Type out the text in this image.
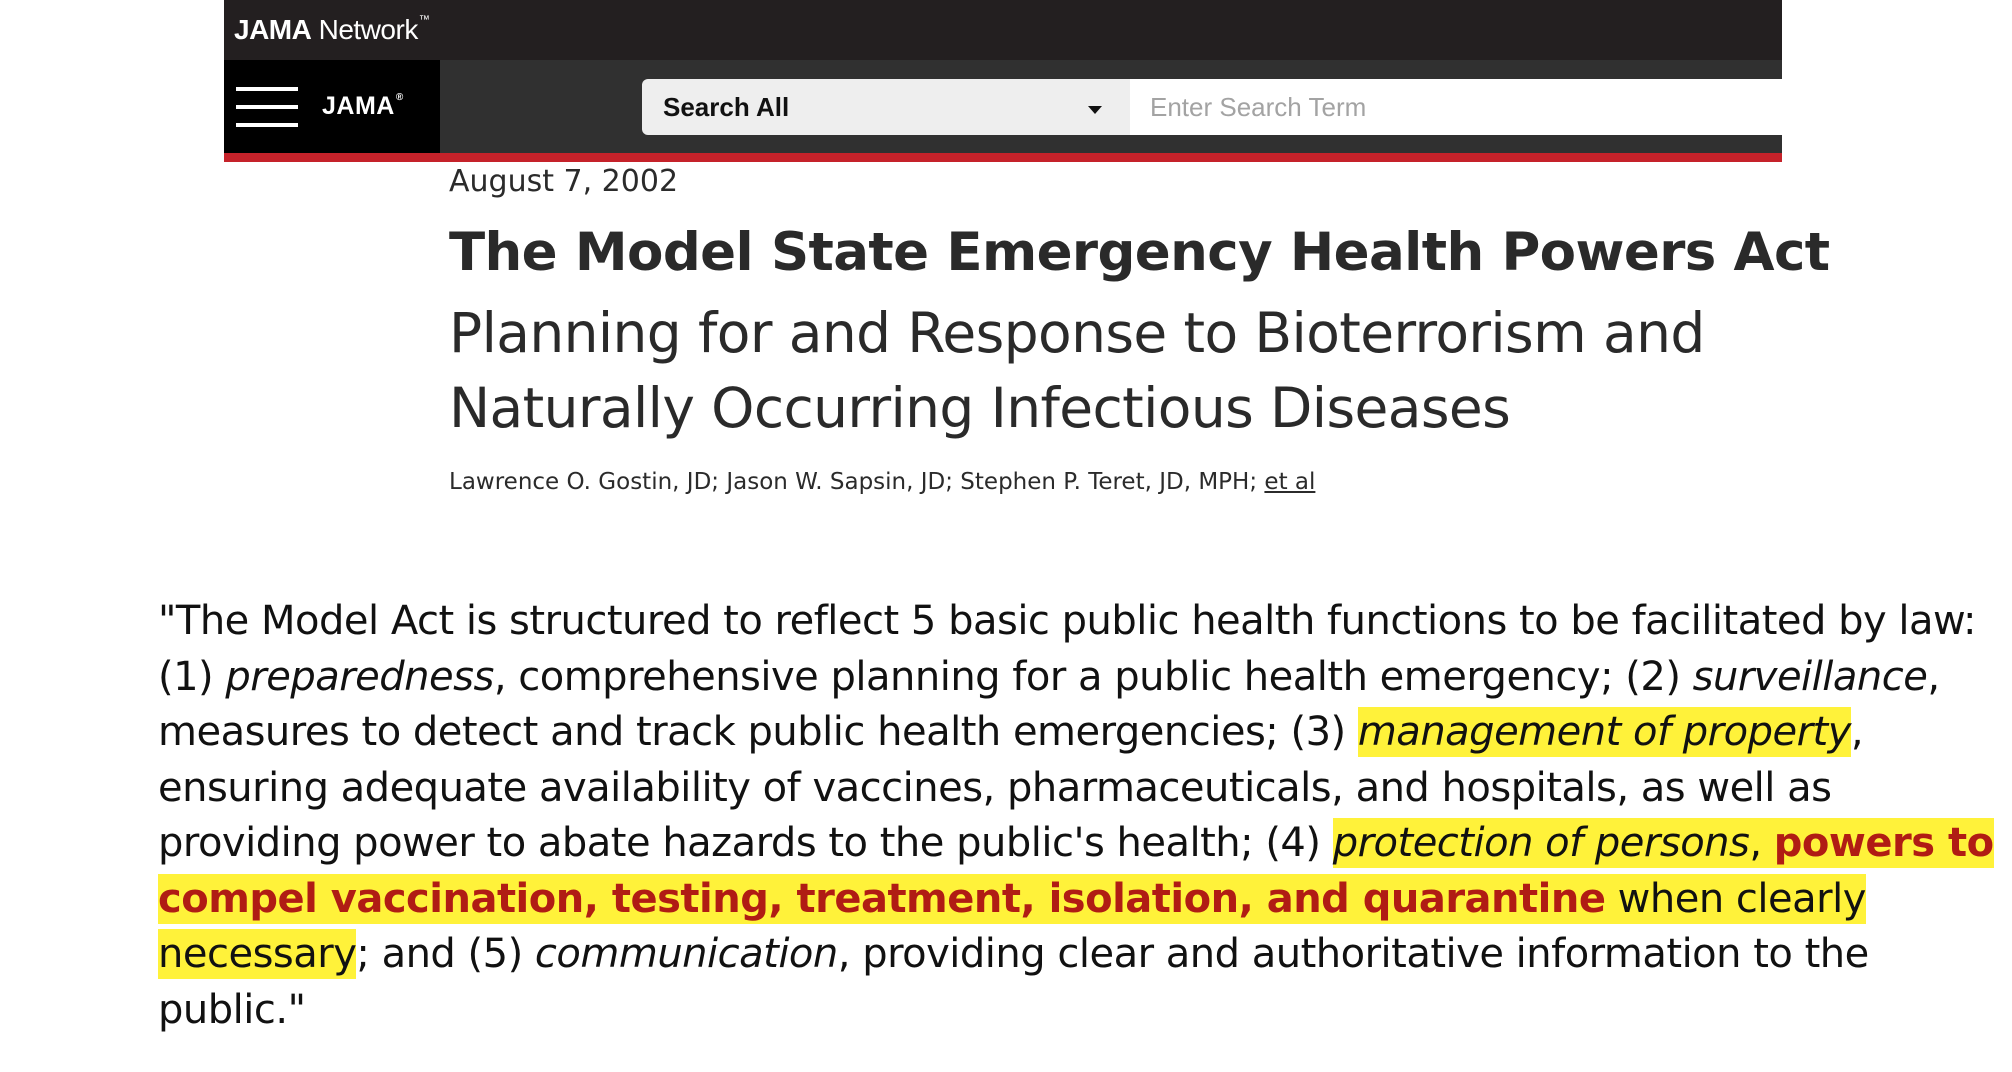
JAMA Network™
JAMA®	Search All
Enter Search Term
August 7, 2002
The Model State Emergency Health Powers Act
Planning for and Response to Bioterrorism and Naturally Occurring Infectious Diseases
Lawrence O. Gostin, JD; Jason W. Sapsin, JD; Stephen P. Teret, JD, MPH; et al

"The Model Act is structured to reflect 5 basic public health functions to be facilitated by law: (1) preparedness, comprehensive planning for a public health emergency; (2) surveillance, measures to detect and track public health emergencies; (3) management of property, ensuring adequate availability of vaccines, pharmaceuticals, and hospitals, as well as providing power to abate hazards to the public's health; (4) protection of persons, powers to compel vaccination, testing, treatment, isolation, and quarantine when clearly necessary; and (5) communication, providing clear and authoritative information to the public."
